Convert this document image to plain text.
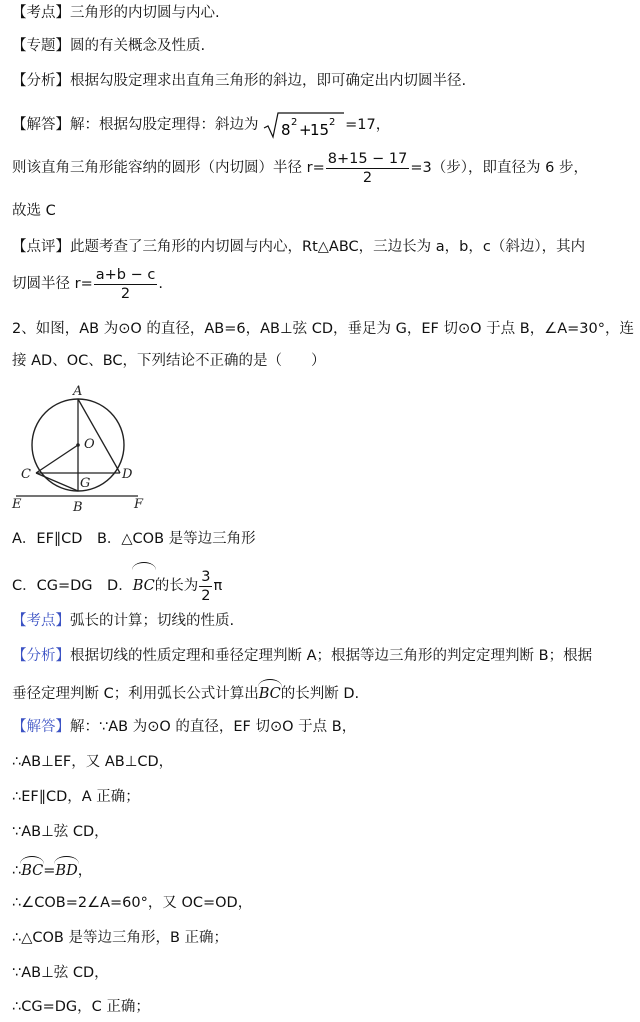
【考点】三角形的内切圆与内心.
【专题】圆的有关概念及性质.
【分析】根据勾股定理求出直角三角形的斜边，即可确定出内切圆半径.
【解答】解：根据勾股定理得：斜边为 8 2 +
15 2 =17，
则该直角三角形能容纳的圆形（内切圆）半径 $r= \frac{8+15 - 17}{2} =3$（步），即直径为 6 步，
故选 C
【点评】此题考查了三角形的内切圆与内心，Rt△ABC，三边长为 a，b，c（斜边），其内
切圆半径 $r= \frac{a+b - c}{2}$ .
2、如图，AB 为⊙O 的直径，AB=6，AB⊥弦 CD，垂足为 G，EF 切⊙O 于点 B，∠A=30°，连
接 AD、OC、BC，下列结论不正确的是（　　）
A
O
C	D
G
E	F
B
A．EF∥CD　B．△COB 是等边三角形
C．CG=DG　D．BC的长为 $\frac{3}{2}$ π
【考点】弧长的计算；切线的性质.
【分析】根据切线的性质定理和垂径定理判断 A；根据等边三角形的判定定理判断 B；根据
垂径定理判断 C；利用弧长公式计算出BC的长判断 D.
【解答】解：∵AB 为⊙O 的直径，EF 切⊙O 于点 B，
∴AB⊥EF，又 AB⊥CD，
∴EF∥CD，A 正确；
∵AB⊥弦 CD，
∴BC=BD，
∴∠COB=2∠A=60°，又 OC=OD，
∴△COB 是等边三角形，B 正确；
∵AB⊥弦 CD，
∴CG=DG，C 正确；
